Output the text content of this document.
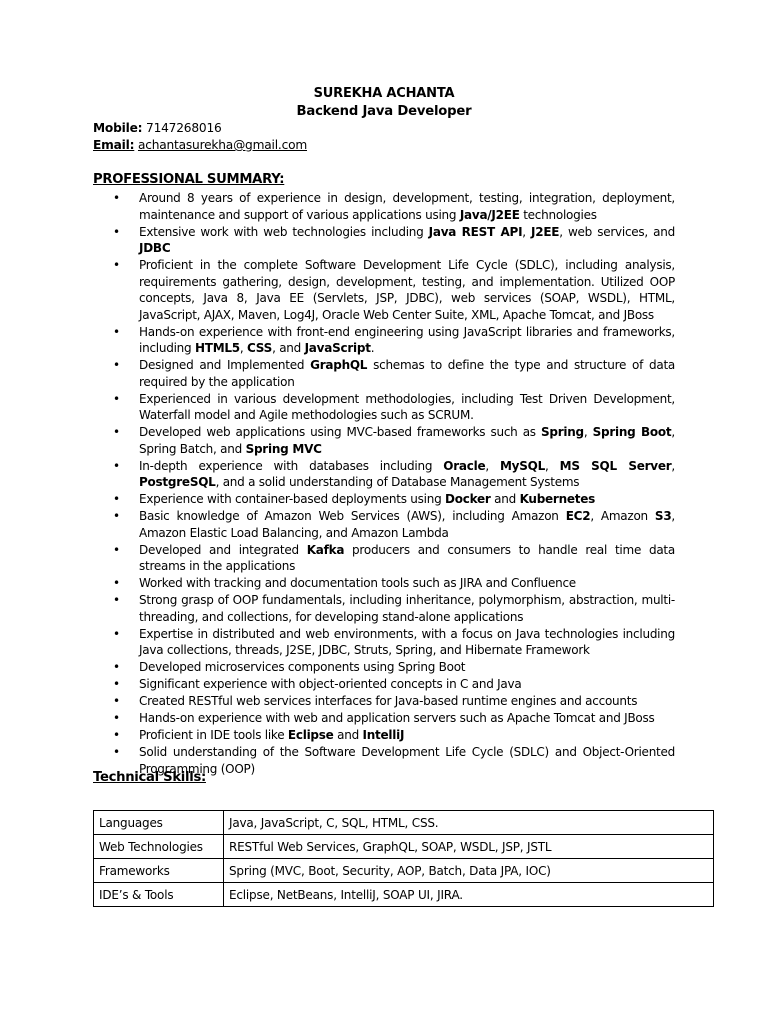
SUREKHA ACHANTA
Backend Java Developer
Mobile: 7147268016
Email: achantasurekha@gmail.com
PROFESSIONAL SUMMARY:
• Around 8 years of experience in design, development, testing, integration, deployment, maintenance and support of various applications using Java/J2EE technologies
• Extensive work with web technologies including Java REST API, J2EE, web services, and JDBC
• Proficient in the complete Software Development Life Cycle (SDLC), including analysis, requirements gathering, design, development, testing, and implementation. Utilized OOP concepts, Java 8, Java EE (Servlets, JSP, JDBC), web services (SOAP, WSDL), HTML, JavaScript, AJAX, Maven, Log4J, Oracle Web Center Suite, XML, Apache Tomcat, and JBoss
• Hands-on experience with front-end engineering using JavaScript libraries and frameworks, including HTML5, CSS, and JavaScript.
• Designed and Implemented GraphQL schemas to define the type and structure of data required by the application
• Experienced in various development methodologies, including Test Driven Development, Waterfall model and Agile methodologies such as SCRUM.
• Developed web applications using MVC-based frameworks such as Spring, Spring Boot, Spring Batch, and Spring MVC
• In-depth experience with databases including Oracle, MySQL, MS SQL Server, PostgreSQL, and a solid understanding of Database Management Systems
• Experience with container-based deployments using Docker and Kubernetes
• Basic knowledge of Amazon Web Services (AWS), including Amazon EC2, Amazon S3, Amazon Elastic Load Balancing, and Amazon Lambda
• Developed and integrated Kafka producers and consumers to handle real time data streams in the applications
• Worked with tracking and documentation tools such as JIRA and Confluence
• Strong grasp of OOP fundamentals, including inheritance, polymorphism, abstraction, multi-threading, and collections, for developing stand-alone applications
• Expertise in distributed and web environments, with a focus on Java technologies including Java collections, threads, J2SE, JDBC, Struts, Spring, and Hibernate Framework
• Developed microservices components using Spring Boot
• Significant experience with object-oriented concepts in C and Java
• Created RESTful web services interfaces for Java-based runtime engines and accounts
• Hands-on experience with web and application servers such as Apache Tomcat and JBoss
• Proficient in IDE tools like Eclipse and IntelliJ
• Solid understanding of the Software Development Life Cycle (SDLC) and Object-Oriented Programming (OOP)
Technical Skills:
Languages	Java, JavaScript, C, SQL, HTML, CSS.
Web Technologies	RESTful Web Services, GraphQL, SOAP, WSDL, JSP, JSTL
Frameworks	Spring (MVC, Boot, Security, AOP, Batch, Data JPA, IOC)
IDE’s & Tools	Eclipse, NetBeans, IntelliJ, SOAP UI, JIRA.
